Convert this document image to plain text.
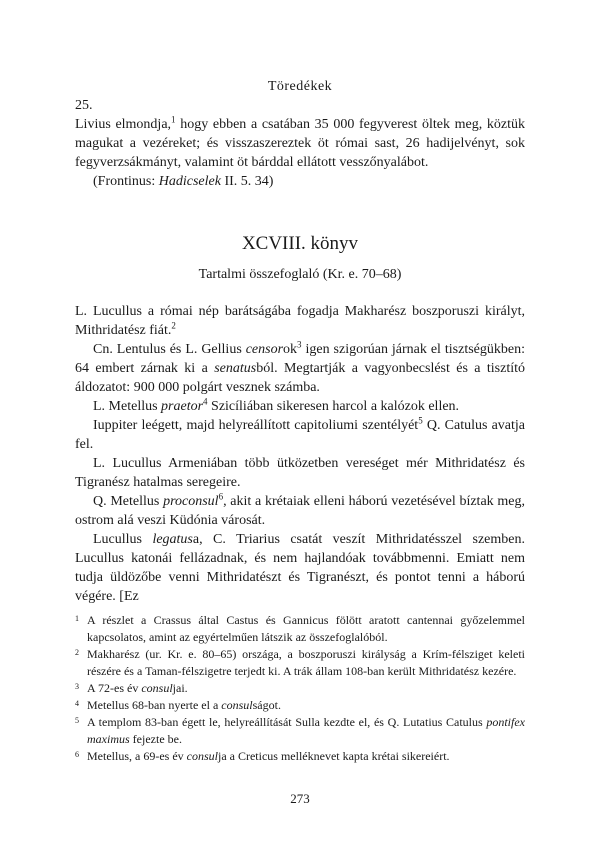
Töredékek

25.

Livius elmondja,$^1$ hogy ebben a csatában 35 000 fegyverest öltek meg, köztük magukat a vezéreket; és visszaszereztek öt római sast, 26 hadijelvényt, sok fegyverzsákmányt, valamint öt bárddal ellátott vesszőnyalábot.

(Frontinus: Hadicselek II. 5. 34)

XCVIII. könyv
Tartalmi összefoglaló (Kr. e. 70–68)

L. Lucullus a római nép barátságába fogadja Makharész boszporuszi királyt, Mithridatész fiát.$^2$

Cn. Lentulus és L. Gellius censorok$^3$ igen szigorúan járnak el tisztségükben: 64 embert zárnak ki a senatusból. Megtartják a vagyonbecslést és a tisztító áldozatot: 900 000 polgárt vesznek számba.

L. Metellus praetor$^4$ Szicíliában sikeresen harcol a kalózok ellen.

Iuppiter leégett, majd helyreállított capitoliumi szentélyét$^5$ Q. Catulus avatja fel.

L. Lucullus Armeniában több ütközetben vereséget mér Mithridatész és Tigranész hatalmas seregeire.

Q. Metellus proconsul$^6$, akit a krétaiak elleni háború vezetésével bíztak meg, ostrom alá veszi Küdónia városát.

Lucullus legatusa, C. Triarius csatát veszít Mithridatésszel szemben. Lucullus katonái fellázadnak, és nem hajlandóak továbbmenni. Emiatt nem tudja üldözőbe venni Mithridatészt és Tigranészt, és pontot tenni a háború végére. [Ez

1 A részlet a Crassus által Castus és Gannicus fölött aratott cantennai győzelemmel kapcsolatos, amint az egyértelműen látszik az összefoglalóból.

2 Makharész (ur. Kr. e. 80–65) országa, a boszporuszi királyság a Krím-félsziget keleti részére és a Taman-félszigetre terjedt ki. A trák állam 108-ban került Mithridatész kezére.

3 A 72-es év consuljai.

4 Metellus 68-ban nyerte el a consulságot.

5 A templom 83-ban égett le, helyreállítását Sulla kezdte el, és Q. Lutatius Catulus pontifex maximus fejezte be.

6 Metellus, a 69-es év consulja a Creticus melléknevet kapta krétai sikereiért.

273
